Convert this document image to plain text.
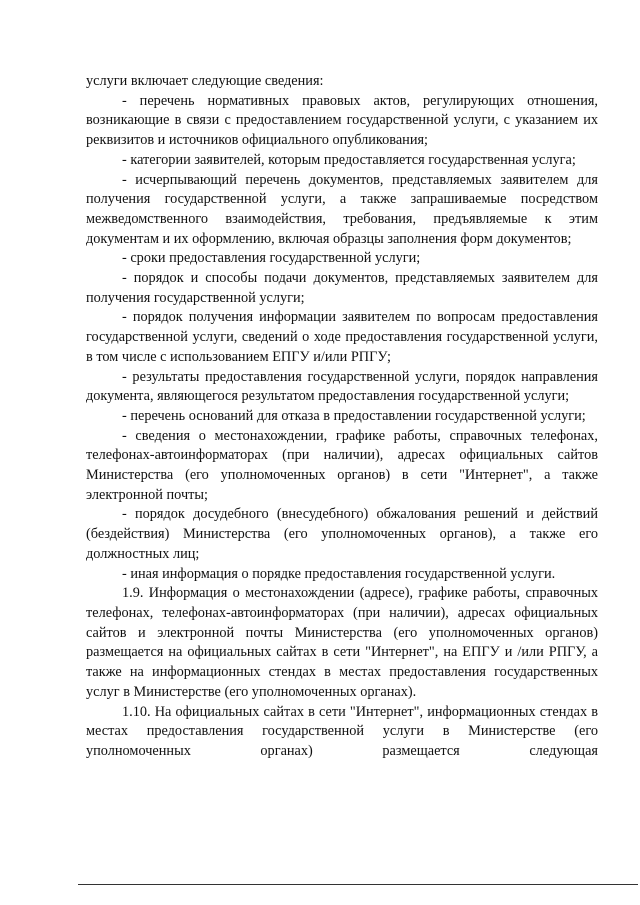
услуги включает следующие сведения:

- перечень нормативных правовых актов, регулирующих отношения, возникающие в связи с предоставлением государственной услуги, с указанием их реквизитов и источников официального опубликования;

- категории заявителей, которым предоставляется государственная услуга;

- исчерпывающий перечень документов, представляемых заявителем для получения государственной услуги, а также запрашиваемые посредством межведомственного взаимодействия, требования, предъявляемые к этим документам и их оформлению, включая образцы заполнения форм документов;

- сроки предоставления государственной услуги;

- порядок и способы подачи документов, представляемых заявителем для получения государственной услуги;

- порядок получения информации заявителем по вопросам предоставления государственной услуги, сведений о ходе предоставления государственной услуги, в том числе с использованием ЕПГУ и/или РПГУ;

- результаты предоставления государственной услуги, порядок направления документа, являющегося результатом предоставления государственной услуги;

- перечень оснований для отказа в предоставлении государственной услуги;

- сведения о местонахождении, графике работы, справочных телефонах, телефонах-автоинформаторах (при наличии), адресах официальных сайтов Министерства (его уполномоченных органов) в сети "Интернет", а также электронной почты;

- порядок досудебного (внесудебного) обжалования решений и действий (бездействия) Министерства (его уполномоченных органов), а также его должностных лиц;

- иная информация о порядке предоставления государственной услуги.

1.9. Информация о местонахождении (адресе), графике работы, справочных телефонах, телефонах-автоинформаторах (при наличии), адресах официальных сайтов и электронной почты Министерства (его уполномоченных органов) размещается на официальных сайтах в сети "Интернет", на ЕПГУ и /или РПГУ, а также на информационных стендах в местах предоставления государственных услуг в Министерстве (его уполномоченных органах).

1.10. На официальных сайтах в сети "Интернет", информационных стендах в местах предоставления государственной услуги в Министерстве (его уполномоченных органах) размещается следующая
